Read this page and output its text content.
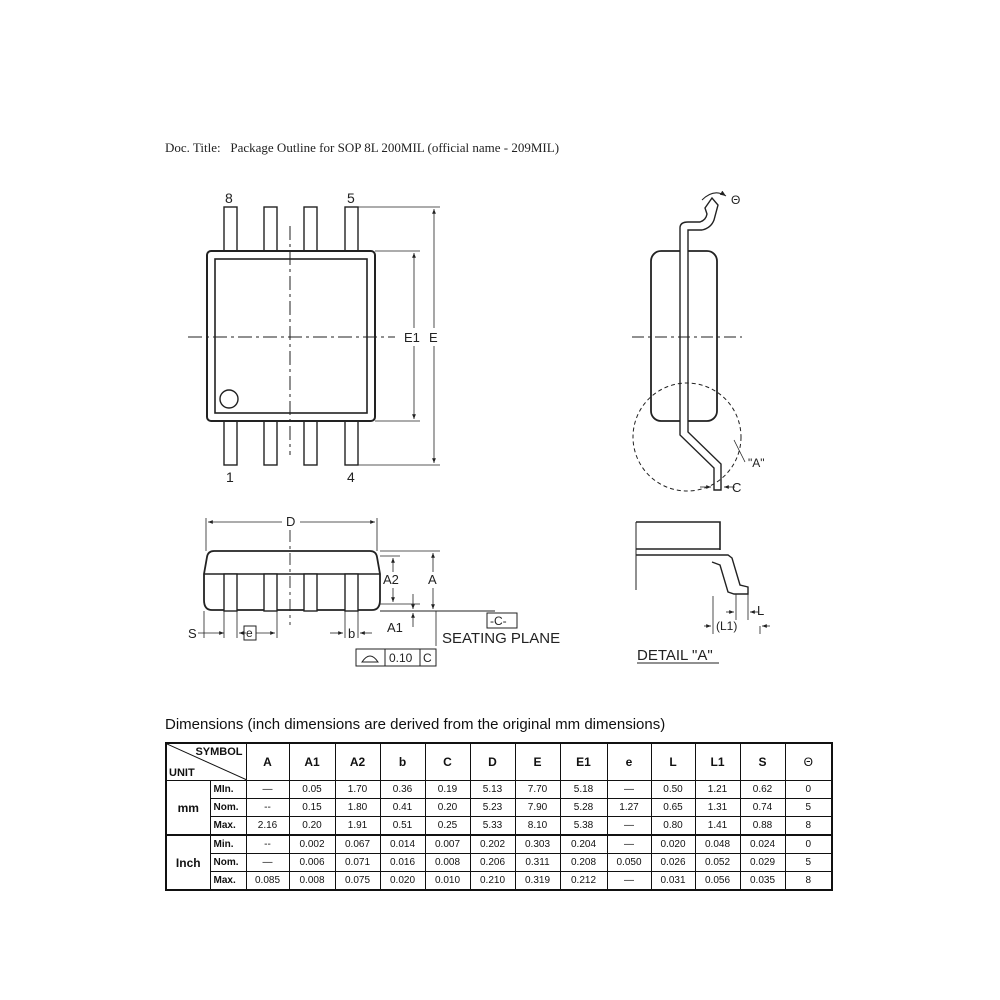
Doc. Title:   Package Outline for SOP 8L 200MIL (official name - 209MIL)
8	5
1	4
E1 E
D
A2 A
S	e	b A1	-C-
SEATING PLANE
0.10 C
Θ
"A"
C
L
(L1)
DETAIL "A"
Dimensions (inch dimensions are derived from the original mm dimensions)
SYMBOL
UNIT		A	A1	A2	b	C	D	E	E1	e	L	L1	S	Θ
mm	MIn.	—	0.05	1.70	0.36	0.19	5.13	7.70	5.18	—	0.50	1.21	0.62	0
	Nom.	--	0.15	1.80	0.41	0.20	5.23	7.90	5.28	1.27	0.65	1.31	0.74	5
	Max.	2.16	0.20	1.91	0.51	0.25	5.33	8.10	5.38	—	0.80	1.41	0.88	8
Inch	Min.	--	0.002	0.067	0.014	0.007	0.202	0.303	0.204	—	0.020	0.048	0.024	0
	Nom.	—	0.006	0.071	0.016	0.008	0.206	0.311	0.208	0.050	0.026	0.052	0.029	5
	Max.	0.085	0.008	0.075	0.020	0.010	0.210	0.319	0.212	—	0.031	0.056	0.035	8
